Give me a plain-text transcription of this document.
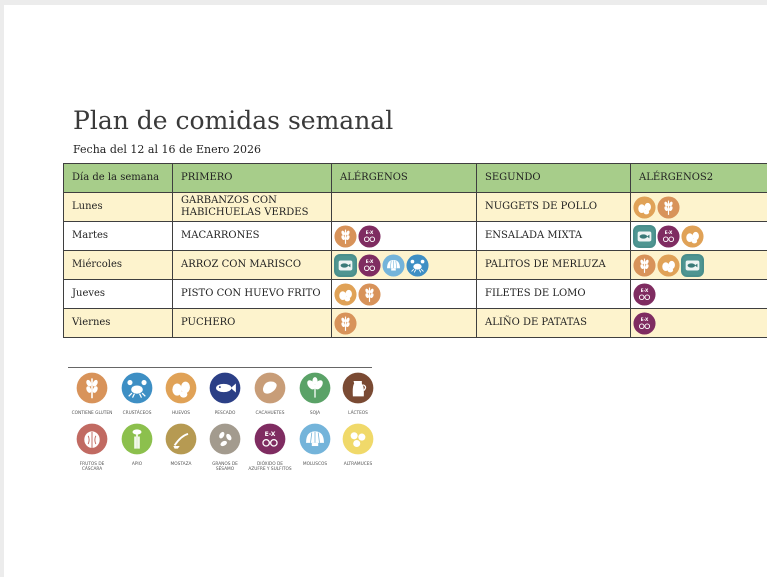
Plan de comidas semanal
Fecha del 12 al 16 de Enero 2026
Día de la semana	PRIMERO	ALÉRGENOS	SEGUNDO	ALÉRGENOS2
Lunes	GARBANZOS CON HABICHUELAS VERDES		NUGGETS DE POLLO	

Martes	MACARRONES	E-X	ENSALADA MIXTA	E-X

Miércoles	ARROZ CON MARISCO	E-X	PALITOS DE MERLUZA	

Jueves	PISTO CON HUEVO FRITO		FILETES DE LOMO	E-X

Viernes	PUCHERO		ALIÑO DE PATATAS	E-X
CONTIENE GLUTEN	CRUSTÁCEOS	HUEVOS	PESCADO	CACAHUETES	SOJA	LÁCTEOS
FRUTOS DE CÁSCARA
APIO	MOSTAZA	GRANOS DE SÉSAMO
E-X
DIÓXIDO DE AZUFRE Y SULFITOS
MOLUSCOS	ALTRAMUCES
